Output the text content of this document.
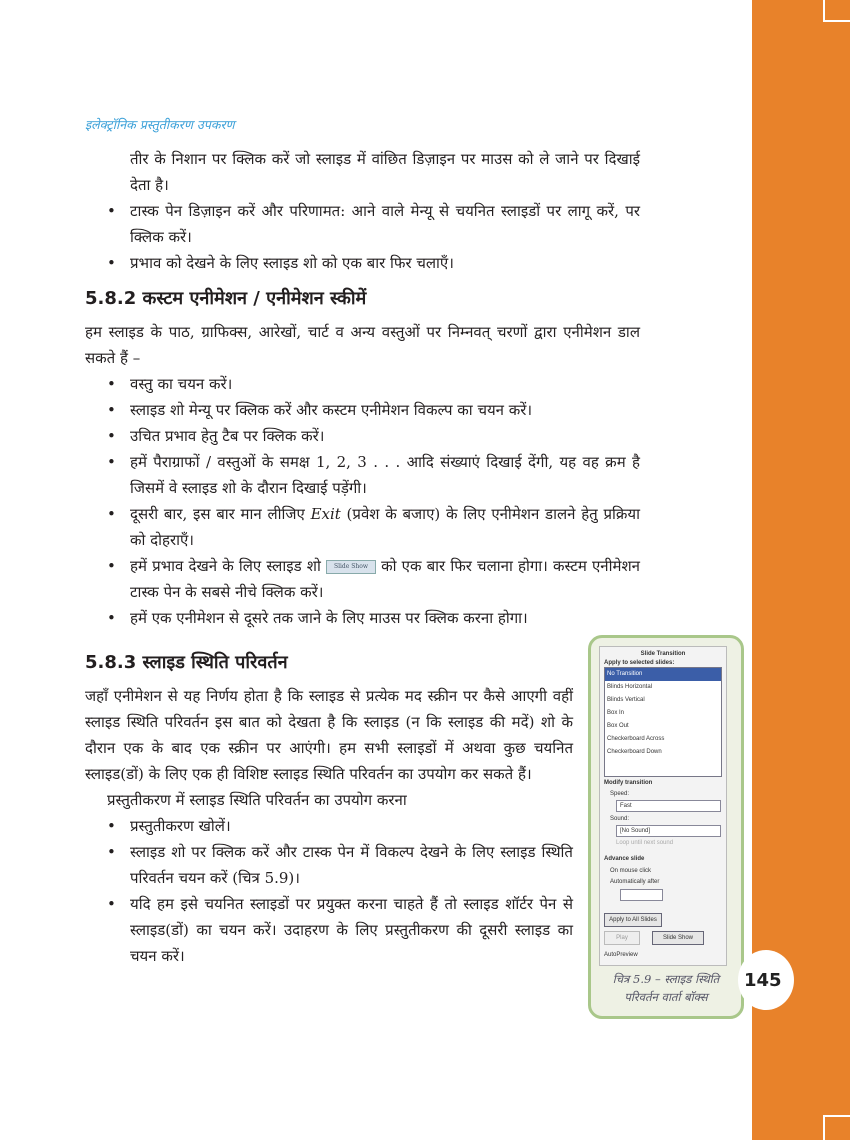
इलेक्ट्रॉनिक प्रस्तुतीकरण उपकरण

तीर के निशान पर क्लिक करें जो स्लाइड में वांछित डिज़ाइन पर माउस को ले जाने पर दिखाई देता है।

• टास्क पेन डिज़ाइन करें और परिणामत: आने वाले मेन्यू से चयनित स्लाइडों पर लागू करें, पर क्लिक करें।
• प्रभाव को देखने के लिए स्लाइड शो को एक बार फिर चलाएँ।
5.8.2 कस्टम एनीमेशन / एनीमेशन स्कीमें

हम स्लाइड के पाठ, ग्राफिक्स, आरेखों, चार्ट व अन्य वस्तुओं पर निम्नवत् चरणों द्वारा एनीमेशन डाल सकते हैं –

• वस्तु का चयन करें।
• स्लाइड शो मेन्यू पर क्लिक करें और कस्टम एनीमेशन विकल्प का चयन करें।
• उचित प्रभाव हेतु टैब पर क्लिक करें।
• हमें पैराग्राफों / वस्तुओं के समक्ष 1, 2, 3 . . . आदि संख्याएं दिखाई देंगी, यह वह क्रम है जिसमें वे स्लाइड शो के दौरान दिखाई पड़ेंगी।
• दूसरी बार, इस बार मान लीजिए Exit (प्रवेश के बजाए) के लिए एनीमेशन डालने हेतु प्रक्रिया को दोहराएँ।
• हमें प्रभाव देखने के लिए स्लाइड शो Slide Show को एक बार फिर चलाना होगा। कस्टम एनीमेशन टास्क पेन के सबसे नीचे क्लिक करें।
• हमें एक एनीमेशन से दूसरे तक जाने के लिए माउस पर क्लिक करना होगा।
5.8.3 स्लाइड स्थिति परिवर्तन

जहाँ एनीमेशन से यह निर्णय होता है कि स्लाइड से प्रत्येक मद स्क्रीन पर कैसे आएगी वहीं स्लाइड स्थिति परिवर्तन इस बात को देखता है कि स्लाइड (न कि स्लाइड की मदें) शो के दौरान एक के बाद एक स्क्रीन पर आएंगी। हम सभी स्लाइडों में अथवा कुछ चयनित स्लाइड(डों) के लिए एक ही विशिष्ट स्लाइड स्थिति परिवर्तन का उपयोग कर सकते हैं।

प्रस्तुतीकरण में स्लाइड स्थिति परिवर्तन का उपयोग करना

• प्रस्तुतीकरण खोलें।
• स्लाइड शो पर क्लिक करें और टास्क पेन में विकल्प देखने के लिए स्लाइड स्थिति परिवर्तन चयन करें (चित्र 5.9)।
• यदि हम इसे चयनित स्लाइडों पर प्रयुक्त करना चाहते हैं तो स्लाइड शॉर्टर पेन से स्लाइड(डों) का चयन करें। उदाहरण के लिए प्रस्तुतीकरण की दूसरी स्लाइड का चयन करें।
Slide Transition
Apply to selected slides:
No Transition
Blinds Horizontal
Blinds Vertical
Box In
Box Out
Checkerboard Across
Checkerboard Down
Modify transition
Speed:
Fast
Sound:
[No Sound]
Loop until next sound
Advance slide
On mouse click
Automatically after
Apply to All Slides
Play	Slide Show
AutoPreview
चित्र 5.9 – स्लाइड स्थिति
परिवर्तन वार्ता बॉक्स
145
